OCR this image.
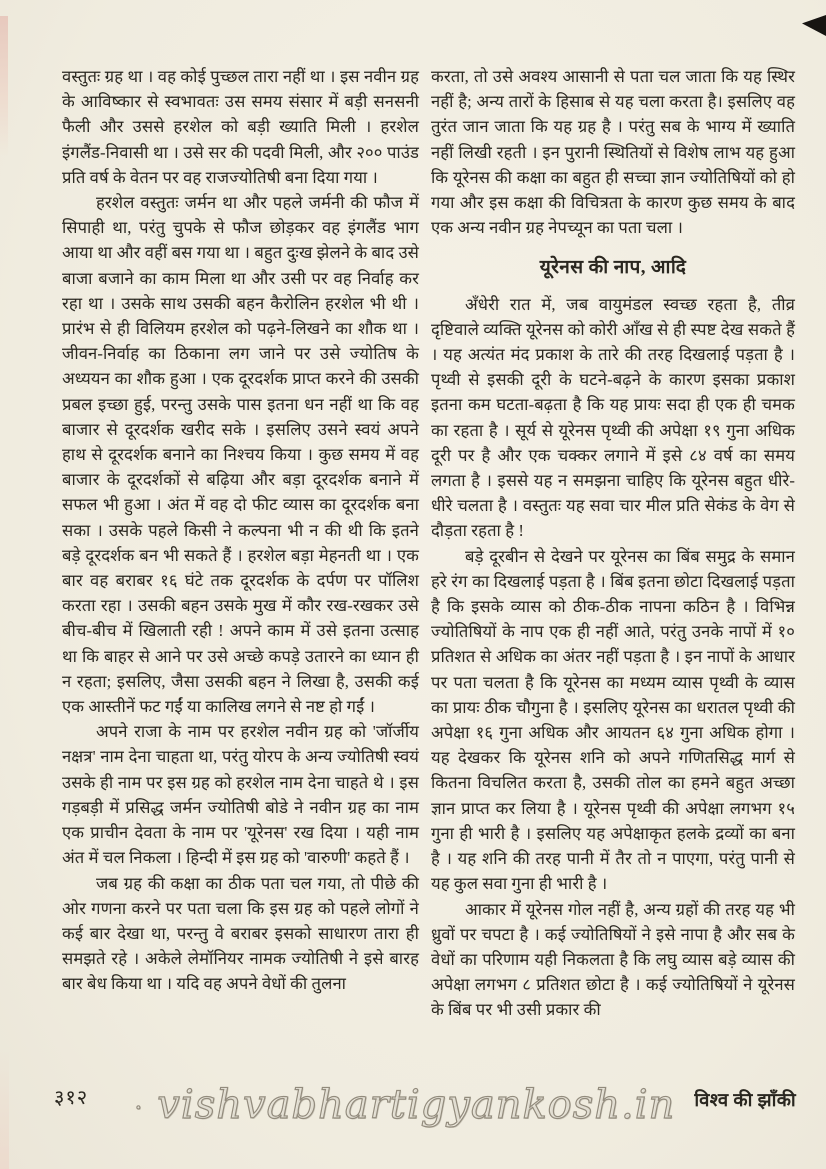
वस्तुतः ग्रह था । वह कोई पुच्छल तारा नहीं था । इस नवीन ग्रह के आविष्कार से स्वभावतः उस समय संसार में बड़ी सनसनी फैली और उससे हरशेल को बड़ी ख्याति मिली । हरशेल इंगलैंड-निवासी था । उसे सर की पदवी मिली, और २०० पाउंड प्रति वर्ष के वेतन पर वह राजज्योतिषी बना दिया गया ।

हरशेल वस्तुतः जर्मन था और पहले जर्मनी की फौज में सिपाही था, परंतु चुपके से फौज छोड़कर वह इंगलैंड भाग आया था और वहीं बस गया था । बहुत दुःख झेलने के बाद उसे बाजा बजाने का काम मिला था और उसी पर वह निर्वाह कर रहा था । उसके साथ उसकी बहन कैरोलिन हरशेल भी थी । प्रारंभ से ही विलियम हरशेल को पढ़ने-लिखने का शौक था । जीवन-निर्वाह का ठिकाना लग जाने पर उसे ज्योतिष के अध्ययन का शौक हुआ । एक दूरदर्शक प्राप्त करने की उसकी प्रबल इच्छा हुई, परन्तु उसके पास इतना धन नहीं था कि वह बाजार से दूरदर्शक खरीद सके । इसलिए उसने स्वयं अपने हाथ से दूरदर्शक बनाने का निश्चय किया । कुछ समय में वह बाजार के दूरदर्शकों से बढ़िया और बड़ा दूरदर्शक बनाने में सफल भी हुआ । अंत में वह दो फीट व्यास का दूरदर्शक बना सका । उसके पहले किसी ने कल्पना भी न की थी कि इतने बड़े दूरदर्शक बन भी सकते हैं । हरशेल बड़ा मेहनती था । एक बार वह बराबर १६ घंटे तक दूरदर्शक के दर्पण पर पॉलिश करता रहा । उसकी बहन उसके मुख में कौर रख-रखकर उसे बीच-बीच में खिलाती रही ! अपने काम में उसे इतना उत्साह था कि बाहर से आने पर उसे अच्छे कपड़े उतारने का ध्यान ही न रहता; इसलिए, जैसा उसकी बहन ने लिखा है, उसकी कई एक आस्तीनें फट गईं या कालिख लगने से नष्ट हो गईं ।

अपने राजा के नाम पर हरशेल नवीन ग्रह को 'जॉर्जीय नक्षत्र' नाम देना चाहता था, परंतु योरप के अन्य ज्योतिषी स्वयं उसके ही नाम पर इस ग्रह को हरशेल नाम देना चाहते थे । इस गड़बड़ी में प्रसिद्ध जर्मन ज्योतिषी बोडे ने नवीन ग्रह का नाम एक प्राचीन देवता के नाम पर 'यूरेनस' रख दिया । यही नाम अंत में चल निकला । हिन्दी में इस ग्रह को 'वारुणी' कहते हैं ।

जब ग्रह की कक्षा का ठीक पता चल गया, तो पीछे की ओर गणना करने पर पता चला कि इस ग्रह को पहले लोगों ने कई बार देखा था, परन्तु वे बराबर इसको साधारण तारा ही समझते रहे । अकेले लेमॉनियर नामक ज्योतिषी ने इसे बारह बार बेध किया था । यदि वह अपने वेधों की तुलना

करता, तो उसे अवश्य आसानी से पता चल जाता कि यह स्थिर नहीं है; अन्य तारों के हिसाब से यह चला करता है। इसलिए वह तुरंत जान जाता कि यह ग्रह है । परंतु सब के भाग्य में ख्याति नहीं लिखी रहती । इन पुरानी स्थितियों से विशेष लाभ यह हुआ कि यूरेनस की कक्षा का बहुत ही सच्चा ज्ञान ज्योतिषियों को हो गया और इस कक्षा की विचित्रता के कारण कुछ समय के बाद एक अन्य नवीन ग्रह नेपच्यून का पता चला ।

यूरेनस की नाप, आदि

अँधेरी रात में, जब वायुमंडल स्वच्छ रहता है, तीव्र दृष्टिवाले व्यक्ति यूरेनस को कोरी आँख से ही स्पष्ट देख सकते हैं । यह अत्यंत मंद प्रकाश के तारे की तरह दिखलाई पड़ता है । पृथ्वी से इसकी दूरी के घटने-बढ़ने के कारण इसका प्रकाश इतना कम घटता-बढ़ता है कि यह प्रायः सदा ही एक ही चमक का रहता है । सूर्य से यूरेनस पृथ्वी की अपेक्षा १९ गुना अधिक दूरी पर है और एक चक्कर लगाने में इसे ८४ वर्ष का समय लगता है । इससे यह न समझना चाहिए कि यूरेनस बहुत धीरे-धीरे चलता है । वस्तुतः यह सवा चार मील प्रति सेकंड के वेग से दौड़ता रहता है !

बड़े दूरबीन से देखने पर यूरेनस का बिंब समुद्र के समान हरे रंग का दिखलाई पड़ता है । बिंब इतना छोटा दिखलाई पड़ता है कि इसके व्यास को ठीक-ठीक नापना कठिन है । विभिन्न ज्योतिषियों के नाप एक ही नहीं आते, परंतु उनके नापों में १० प्रतिशत से अधिक का अंतर नहीं पड़ता है । इन नापों के आधार पर पता चलता है कि यूरेनस का मध्यम व्यास पृथ्वी के व्यास का प्रायः ठीक चौगुना है । इसलिए यूरेनस का धरातल पृथ्वी की अपेक्षा १६ गुना अधिक और आयतन ६४ गुना अधिक होगा । यह देखकर कि यूरेनस शनि को अपने गणितसिद्ध मार्ग से कितना विचलित करता है, उसकी तोल का हमने बहुत अच्छा ज्ञान प्राप्त कर लिया है । यूरेनस पृथ्वी की अपेक्षा लगभग १५ गुना ही भारी है । इसलिए यह अपेक्षाकृत हलके द्रव्यों का बना है । यह शनि की तरह पानी में तैर तो न पाएगा, परंतु पानी से यह कुल सवा गुना ही भारी है ।

आकार में यूरेनस गोल नहीं है, अन्य ग्रहों की तरह यह भी ध्रुवों पर चपटा है । कई ज्योतिषियों ने इसे नापा है और सब के वेधों का परिणाम यही निकलता है कि लघु व्यास बड़े व्यास की अपेक्षा लगभग ८ प्रतिशत छोटा है । कई ज्योतिषियों ने यूरेनस के बिंब पर भी उसी प्रकार की

३१२ · vishvabhartigyankosh.in विश्व की झाँकी
